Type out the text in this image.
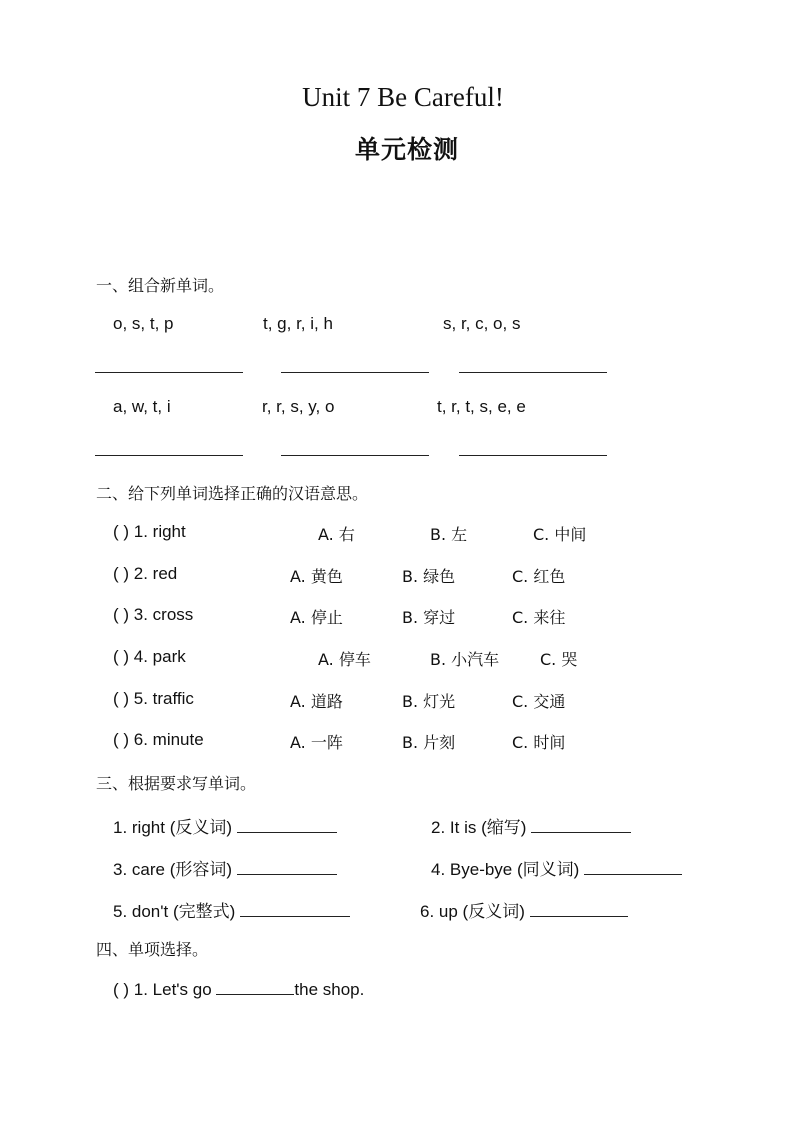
Unit 7 Be Careful!
单元检测
一、组合新单词。
o, s, t, p	t, g, r, i, h	s, r, c, o, s
a, w, t, i	r, r, s, y, o	t, r, t, s, e, e
二、给下列单词选择正确的汉语意思。
( ) 1. right	A. 右	B. 左	C. 中间
( ) 2. red	A. 黄色	B. 绿色	C. 红色
( ) 3. cross	A. 停止	B. 穿过	C. 来往
( ) 4. park	A. 停车	B. 小汽车	C. 哭
( ) 5. traffic	A. 道路	B. 灯光	C. 交通
( ) 6. minute	A. 一阵	B. 片刻	C. 时间
三、根据要求写单词。
1. right (反义词)	2. It is (缩写)
3. care (形容词)	4. Bye-bye (同义词)
5. don't (完整式)	6. up (反义词)
四、单项选择。
( ) 1. Let's go	the shop.
